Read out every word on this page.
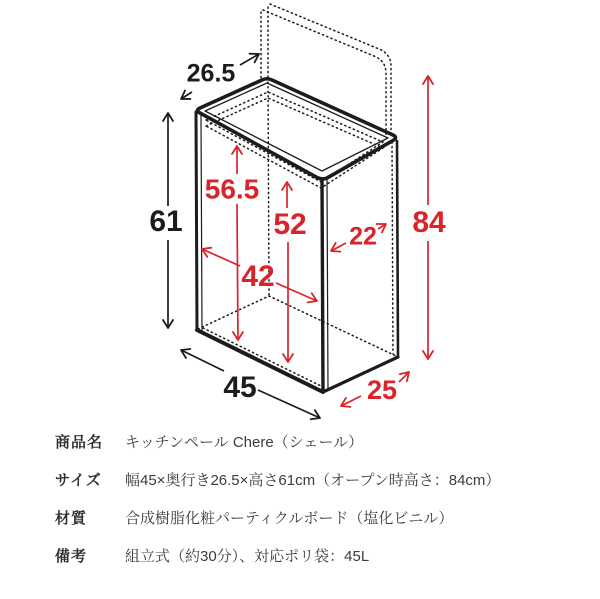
26.5
61
56.5
52
42
22 84
45	25
商品名	キッチンペール Chere（シェール）
サイズ	幅45×奥行き26.5×高さ61cm（オープン時高さ：84cm）
材質	合成樹脂化粧パーティクルボード（塩化ビニル）
備考	組立式（約30分）、対応ポリ袋：45L
